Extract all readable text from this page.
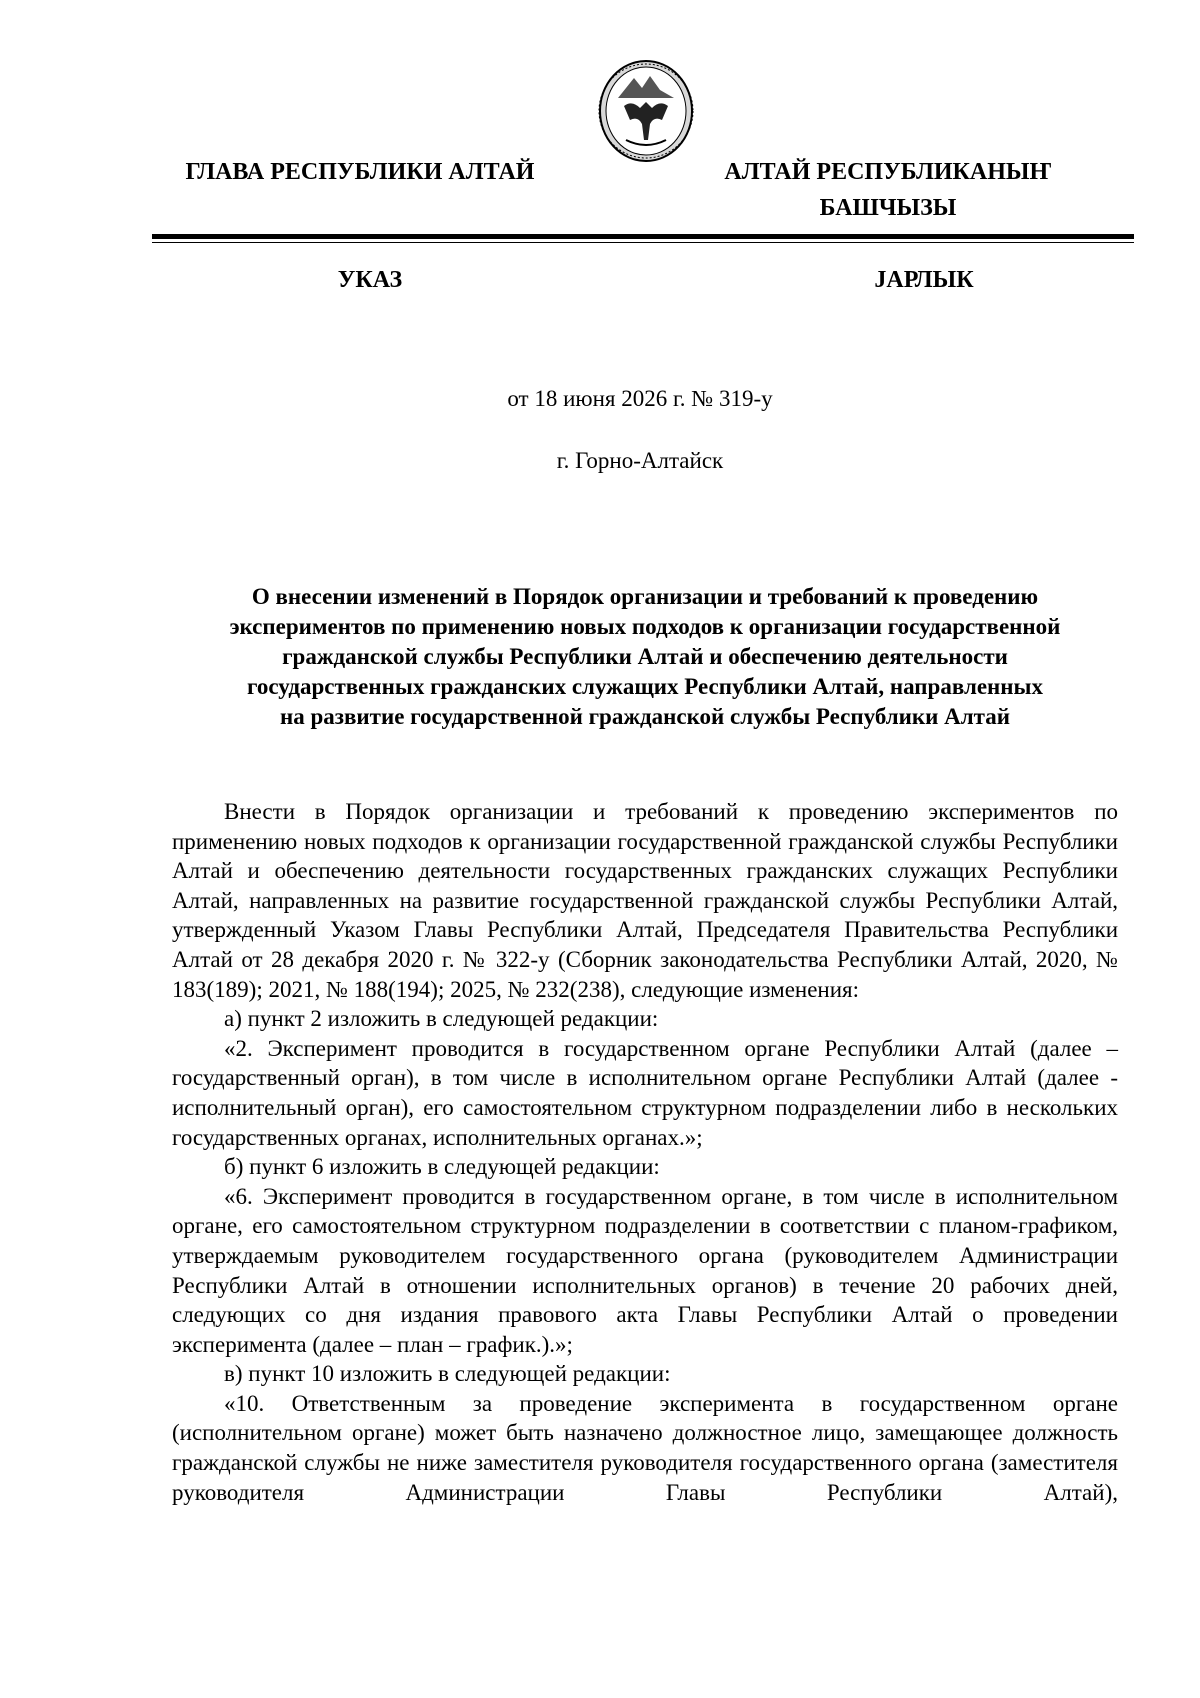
ГЛАВА РЕСПУБЛИКИ АЛТАЙ	АЛТАЙ РЕСПУБЛИКАНЫҤ
БАШЧЫЗЫ
УКАЗ	ЈАРЛЫК
от 18 июня 2026 г. № 319-у
г. Горно-Алтайск
О внесении изменений в Порядок организации и требований к проведению
экспериментов по применению новых подходов к организации государственной
гражданской службы Республики Алтай и обеспечению деятельности
государственных гражданских служащих Республики Алтай, направленных
на развитие государственной гражданской службы Республики Алтай

Внести в Порядок организации и требований к проведению экспериментов по применению новых подходов к организации государственной гражданской службы Республики Алтай и обеспечению деятельности государственных гражданских служащих Республики Алтай, направленных на развитие государственной гражданской службы Республики Алтай, утвержденный Указом Главы Республики Алтай, Председателя Правительства Республики Алтай от 28 декабря 2020 г. № 322-у (Сборник законодательства Республики Алтай, 2020, № 183(189); 2021, № 188(194); 2025, № 232(238), следующие изменения:

а) пункт 2 изложить в следующей редакции:

«2. Эксперимент проводится в государственном органе Республики Алтай (далее – государственный орган), в том числе в исполнительном органе Республики Алтай (далее - исполнительный орган), его самостоятельном структурном подразделении либо в нескольких государственных органах, исполнительных органах.»;

б) пункт 6 изложить в следующей редакции:

«6. Эксперимент проводится в государственном органе, в том числе в исполнительном органе, его самостоятельном структурном подразделении в соответствии с планом-графиком, утверждаемым руководителем государственного органа (руководителем Администрации Республики Алтай в отношении исполнительных органов) в течение 20 рабочих дней, следующих со дня издания правового акта Главы Республики Алтай о проведении эксперимента (далее – план – график.).»;

в) пункт 10 изложить в следующей редакции:

«10. Ответственным за проведение эксперимента в государственном органе (исполнительном органе) может быть назначено должностное лицо, замещающее должность гражданской службы не ниже заместителя руководителя государственного органа (заместителя руководителя Администрации Главы Республики Алтай),
